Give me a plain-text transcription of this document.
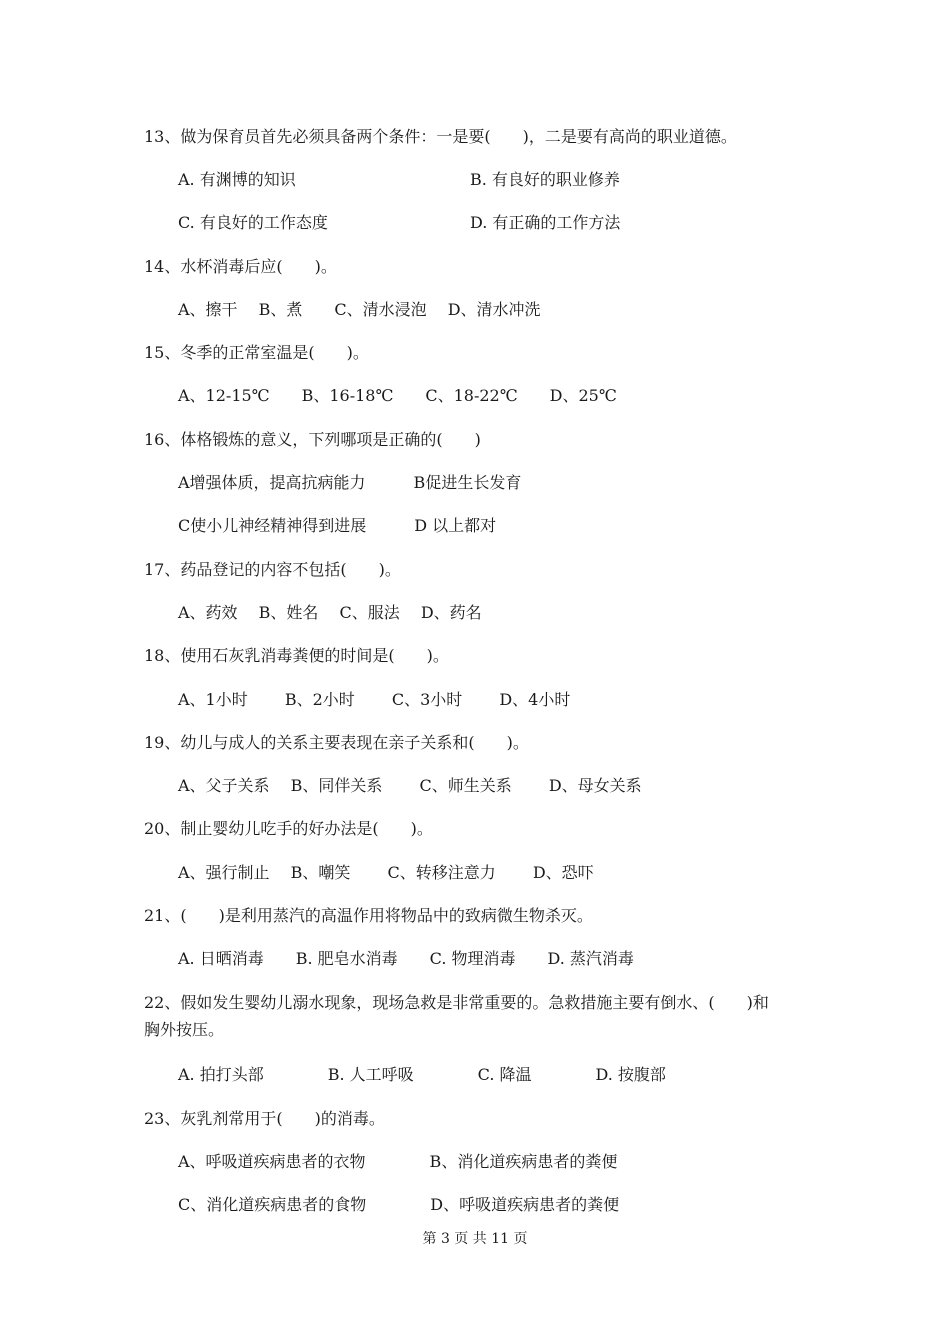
13、做为保育员首先必须具备两个条件：一是要(　　)，二是要有高尚的职业道德。
A. 有渊博的知识	B. 有良好的职业修养
C. 有良好的工作态度	D. 有正确的工作方法
14、水杯消毒后应(　　)。
A、擦干　 B、煮　　C、清水浸泡　 D、清水冲洗
15、冬季的正常室温是(　　)。
A、12-15℃　　B、16-18℃　　C、18-22℃　　D、25℃
16、体格锻炼的意义，下列哪项是正确的(　　)
A增强体质，提高抗病能力　　　B促进生长发育
C使小儿神经精神得到进展　　　D 以上都对
17、药品登记的内容不包括(　　)。
A、药效　 B、姓名　 C、服法　 D、药名
18、使用石灰乳消毒粪便的时间是(　　)。
A、1小时　　 B、2小时　　 C、3小时　　 D、4小时
19、幼儿与成人的关系主要表现在亲子关系和(　　)。
A、父子关系　 B、同伴关系　　 C、师生关系　　 D、母女关系
20、制止婴幼儿吃手的好办法是(　　)。
A、强行制止　 B、嘲笑　　 C、转移注意力　　 D、恐吓
21、(　　)是利用蒸汽的高温作用将物品中的致病微生物杀灭。
A. 日晒消毒　　B. 肥皂水消毒　　C. 物理消毒　　D. 蒸汽消毒
22、假如发生婴幼儿溺水现象，现场急救是非常重要的。急救措施主要有倒水、(　　)和
胸外按压。
A. 拍打头部　　　　B. 人工呼吸　　　　C. 降温　　　　D. 按腹部
23、灰乳剂常用于(　　)的消毒。
A、呼吸道疾病患者的衣物　　　　B、消化道疾病患者的粪便
C、消化道疾病患者的食物　　　　D、呼吸道疾病患者的粪便
第 3 页 共 11 页
